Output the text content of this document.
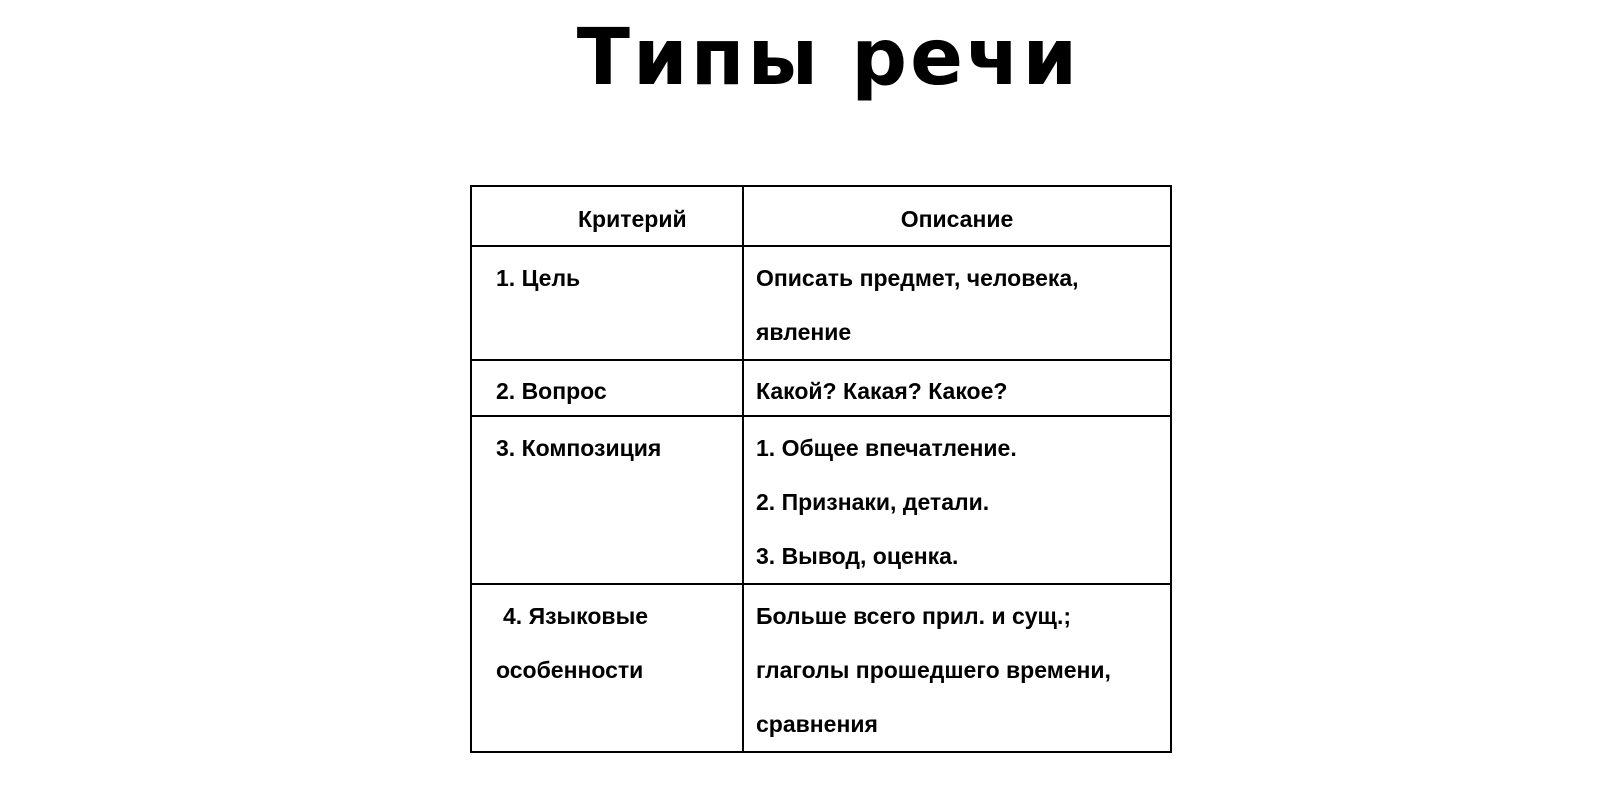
Типы речи
Критерий	Описание

1. Цель	Описать предмет, человека,
явление

2. Вопрос	Какой? Какая? Какое?

3. Композиция	1. Общее впечатление.
2. Признаки, детали.
3. Вывод, оценка.

4. Языковые
особенности	Больше всего прил. и сущ.;
глаголы прошедшего времени,
сравнения
